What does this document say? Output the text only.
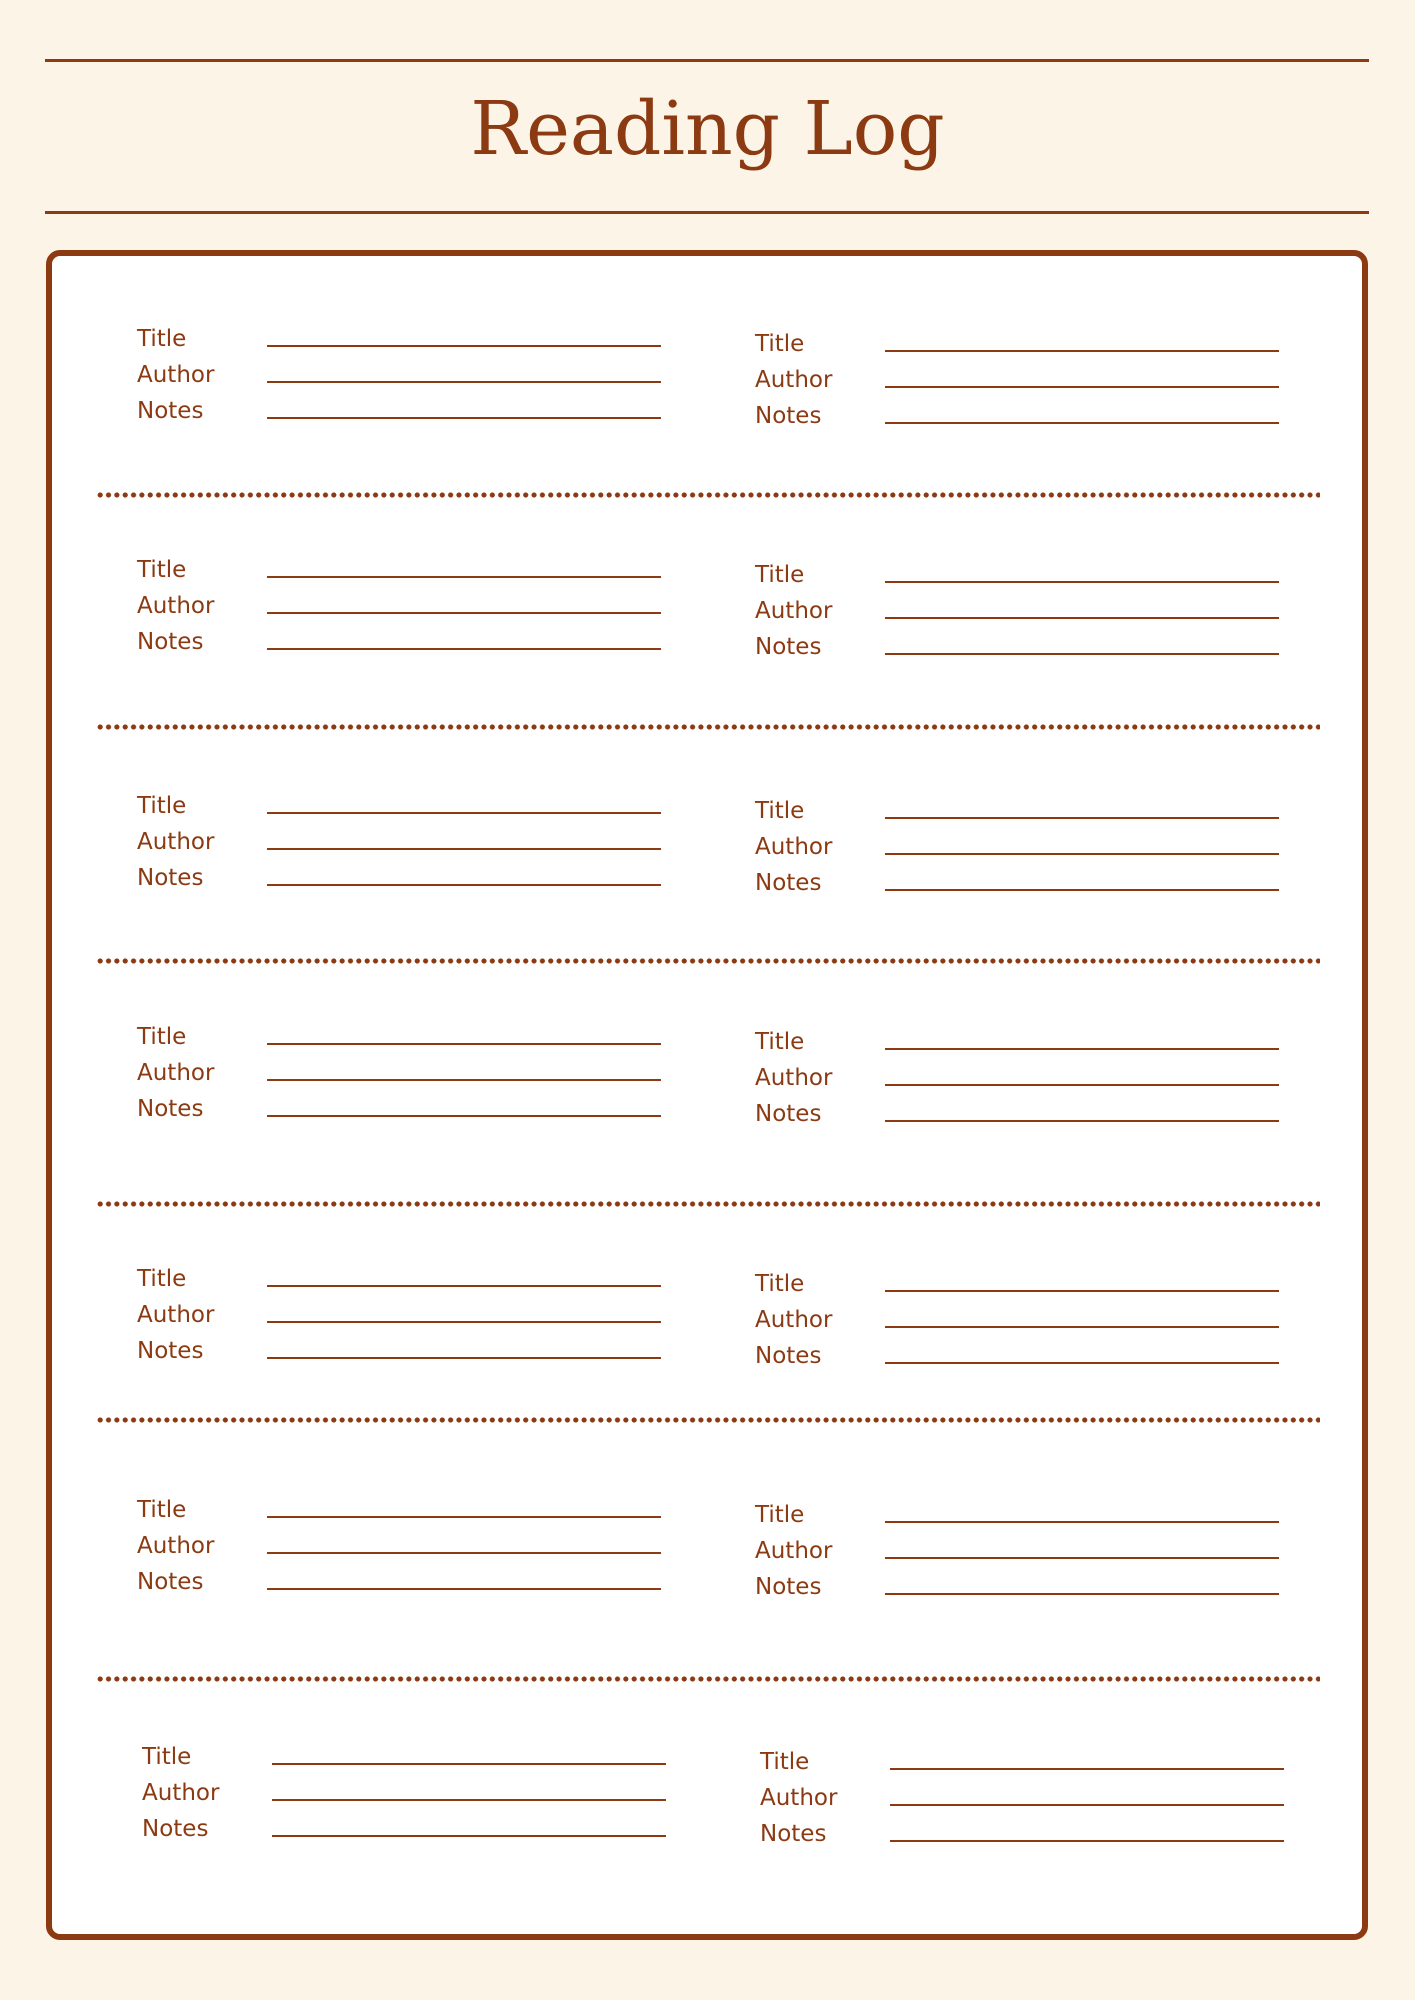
Reading Log
Title
Author
Notes
Title
Author
Notes
Title
Author
Notes
Title
Author
Notes
Title
Author
Notes
Title
Author
Notes
Title
Author
Notes
Title
Author
Notes
Title
Author
Notes
Title
Author
Notes
Title
Author
Notes
Title
Author
Notes
Title
Author
Notes
Title
Author
Notes
